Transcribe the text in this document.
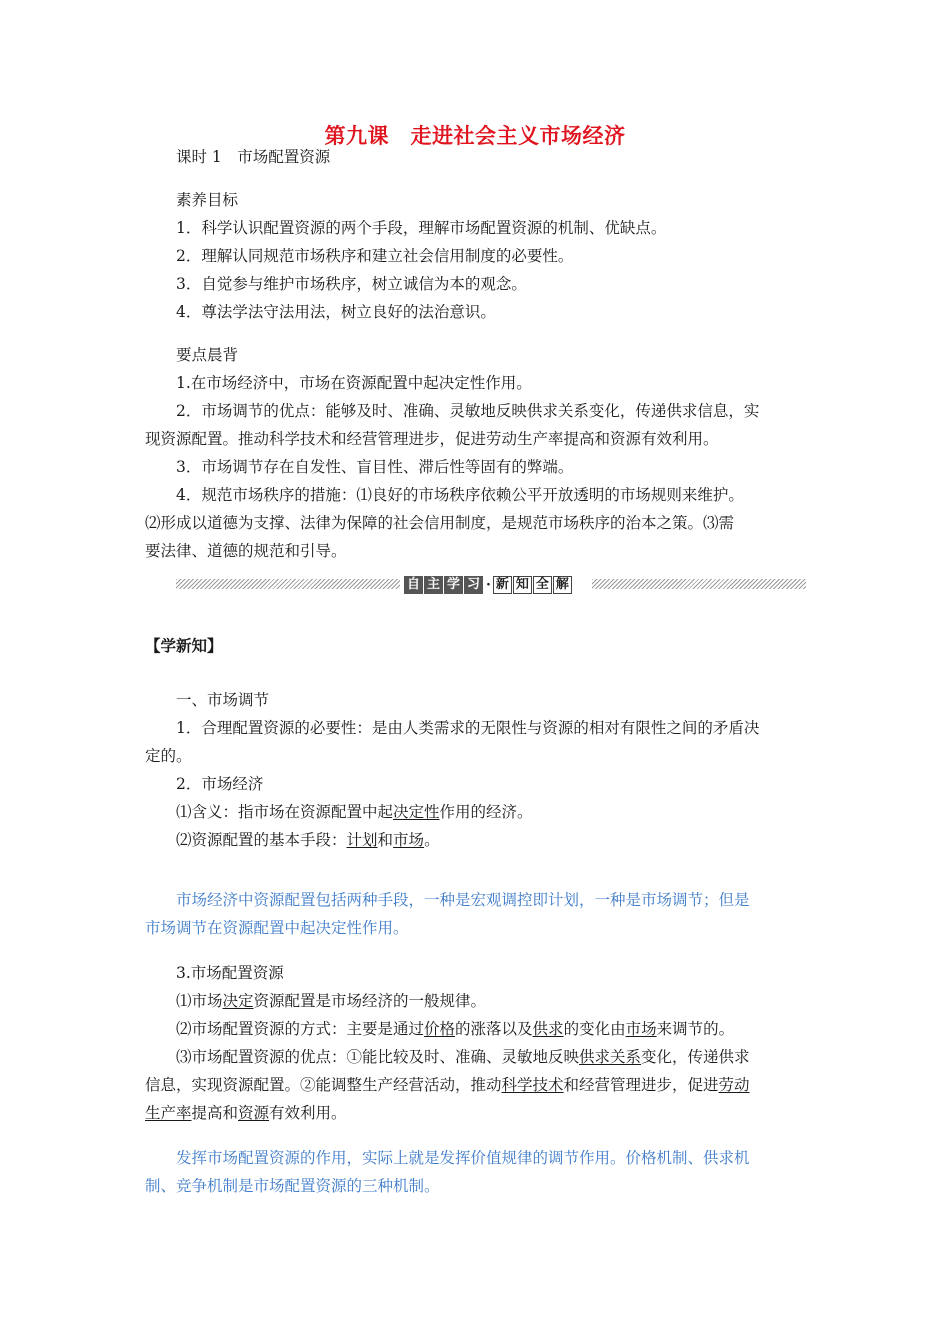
第九课　走进社会主义市场经济
课时 1　市场配置资源
素养目标
1．科学认识配置资源的两个手段，理解市场配置资源的机制、优缺点。
2．理解认同规范市场秩序和建立社会信用制度的必要性。
3．自觉参与维护市场秩序，树立诚信为本的观念。
4．尊法学法守法用法，树立良好的法治意识。
要点晨背
1.在市场经济中，市场在资源配置中起决定性作用。
2．市场调节的优点：能够及时、准确、灵敏地反映供求关系变化，传递供求信息，实
现资源配置。推动科学技术和经营管理进步，促进劳动生产率提高和资源有效利用。
3．市场调节存在自发性、盲目性、滞后性等固有的弊端。
4．规范市场秩序的措施：⑴良好的市场秩序依赖公平开放透明的市场规则来维护。
⑵形成以道德为支撑、法律为保障的社会信用制度，是规范市场秩序的治本之策。⑶需
要法律、道德的规范和引导。
自 主 学 习 · 新 知 全 解
【学新知】
一、市场调节
1．合理配置资源的必要性：是由人类需求的无限性与资源的相对有限性之间的矛盾决
定的。
2．市场经济
⑴含义：指市场在资源配置中起决定性作用的经济。
⑵资源配置的基本手段：计划和市场。
市场经济中资源配置包括两种手段，一种是宏观调控即计划，一种是市场调节；但是
市场调节在资源配置中起决定性作用。
3.市场配置资源
⑴市场决定资源配置是市场经济的一般规律。
⑵市场配置资源的方式：主要是通过价格的涨落以及供求的变化由市场来调节的。
⑶市场配置资源的优点：①能比较及时、准确、灵敏地反映供求关系变化，传递供求
信息，实现资源配置。②能调整生产经营活动，推动科学技术和经营管理进步，促进劳动
生产率提高和资源有效利用。
发挥市场配置资源的作用，实际上就是发挥价值规律的调节作用。价格机制、供求机
制、竞争机制是市场配置资源的三种机制。
